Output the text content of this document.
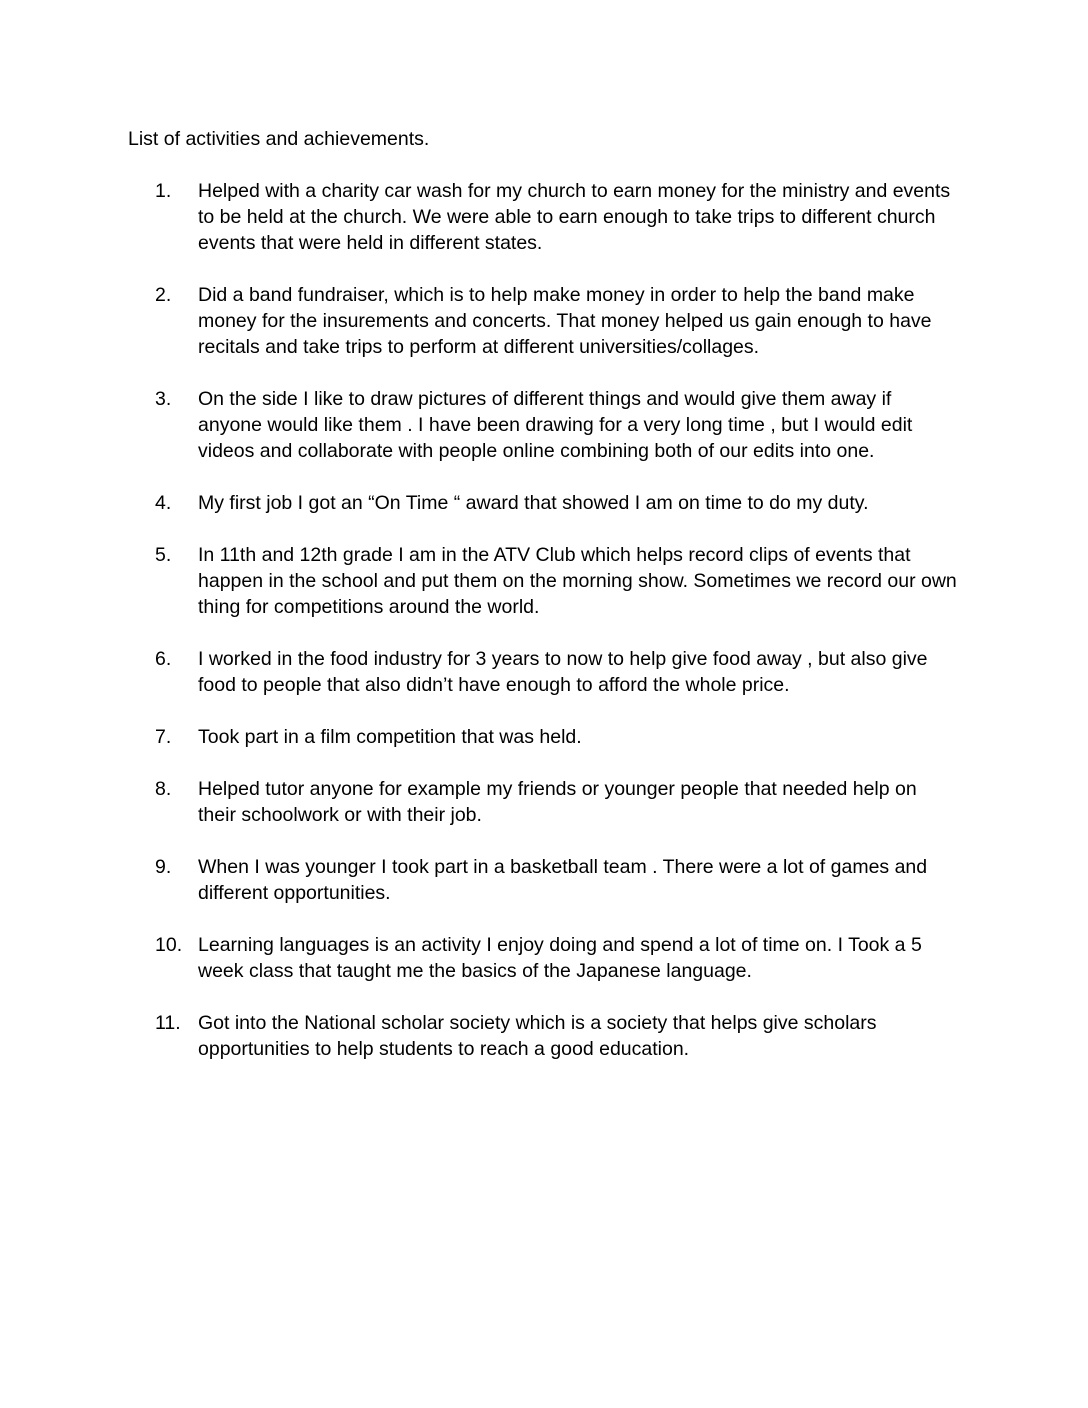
List of activities and achievements.

1.	Helped with a charity car wash for my church to earn money for the ministry and events to be held at the church. We were able to earn enough to take trips to different church events that were held in different states.
2.	Did a band fundraiser, which is to help make money in order to help the band make money for the insurements and concerts. That money helped us gain enough to have recitals and take trips to perform at different universities/collages.
3.	On the side I like to draw pictures of different things and would give them away if anyone would like them . I have been drawing for a very long time , but I would edit videos and collaborate with people online combining both of our edits into one.
4.	My first job I got an “On Time “ award that showed I am on time to do my duty.
5.	In 11th and 12th grade I am in the ATV Club which helps record clips of events that happen in the school and put them on the morning show. Sometimes we record our own thing for competitions around the world.
6.	I worked in the food industry for 3 years to now to help give food away , but also give food to people that also didn’t have enough to afford the whole price.
7.	Took part in a film competition that was held.
8.	Helped tutor anyone for example my friends or younger people that needed help on their schoolwork or with their job.
9.	When I was younger I took part in a basketball team . There were a lot of games and different opportunities.
10. Learning languages is an activity I enjoy doing and spend a lot of time on. I Took a 5 week class that taught me the basics of the Japanese language.
11. Got into the National scholar society which is a society that helps give scholars opportunities to help students to reach a good education.
